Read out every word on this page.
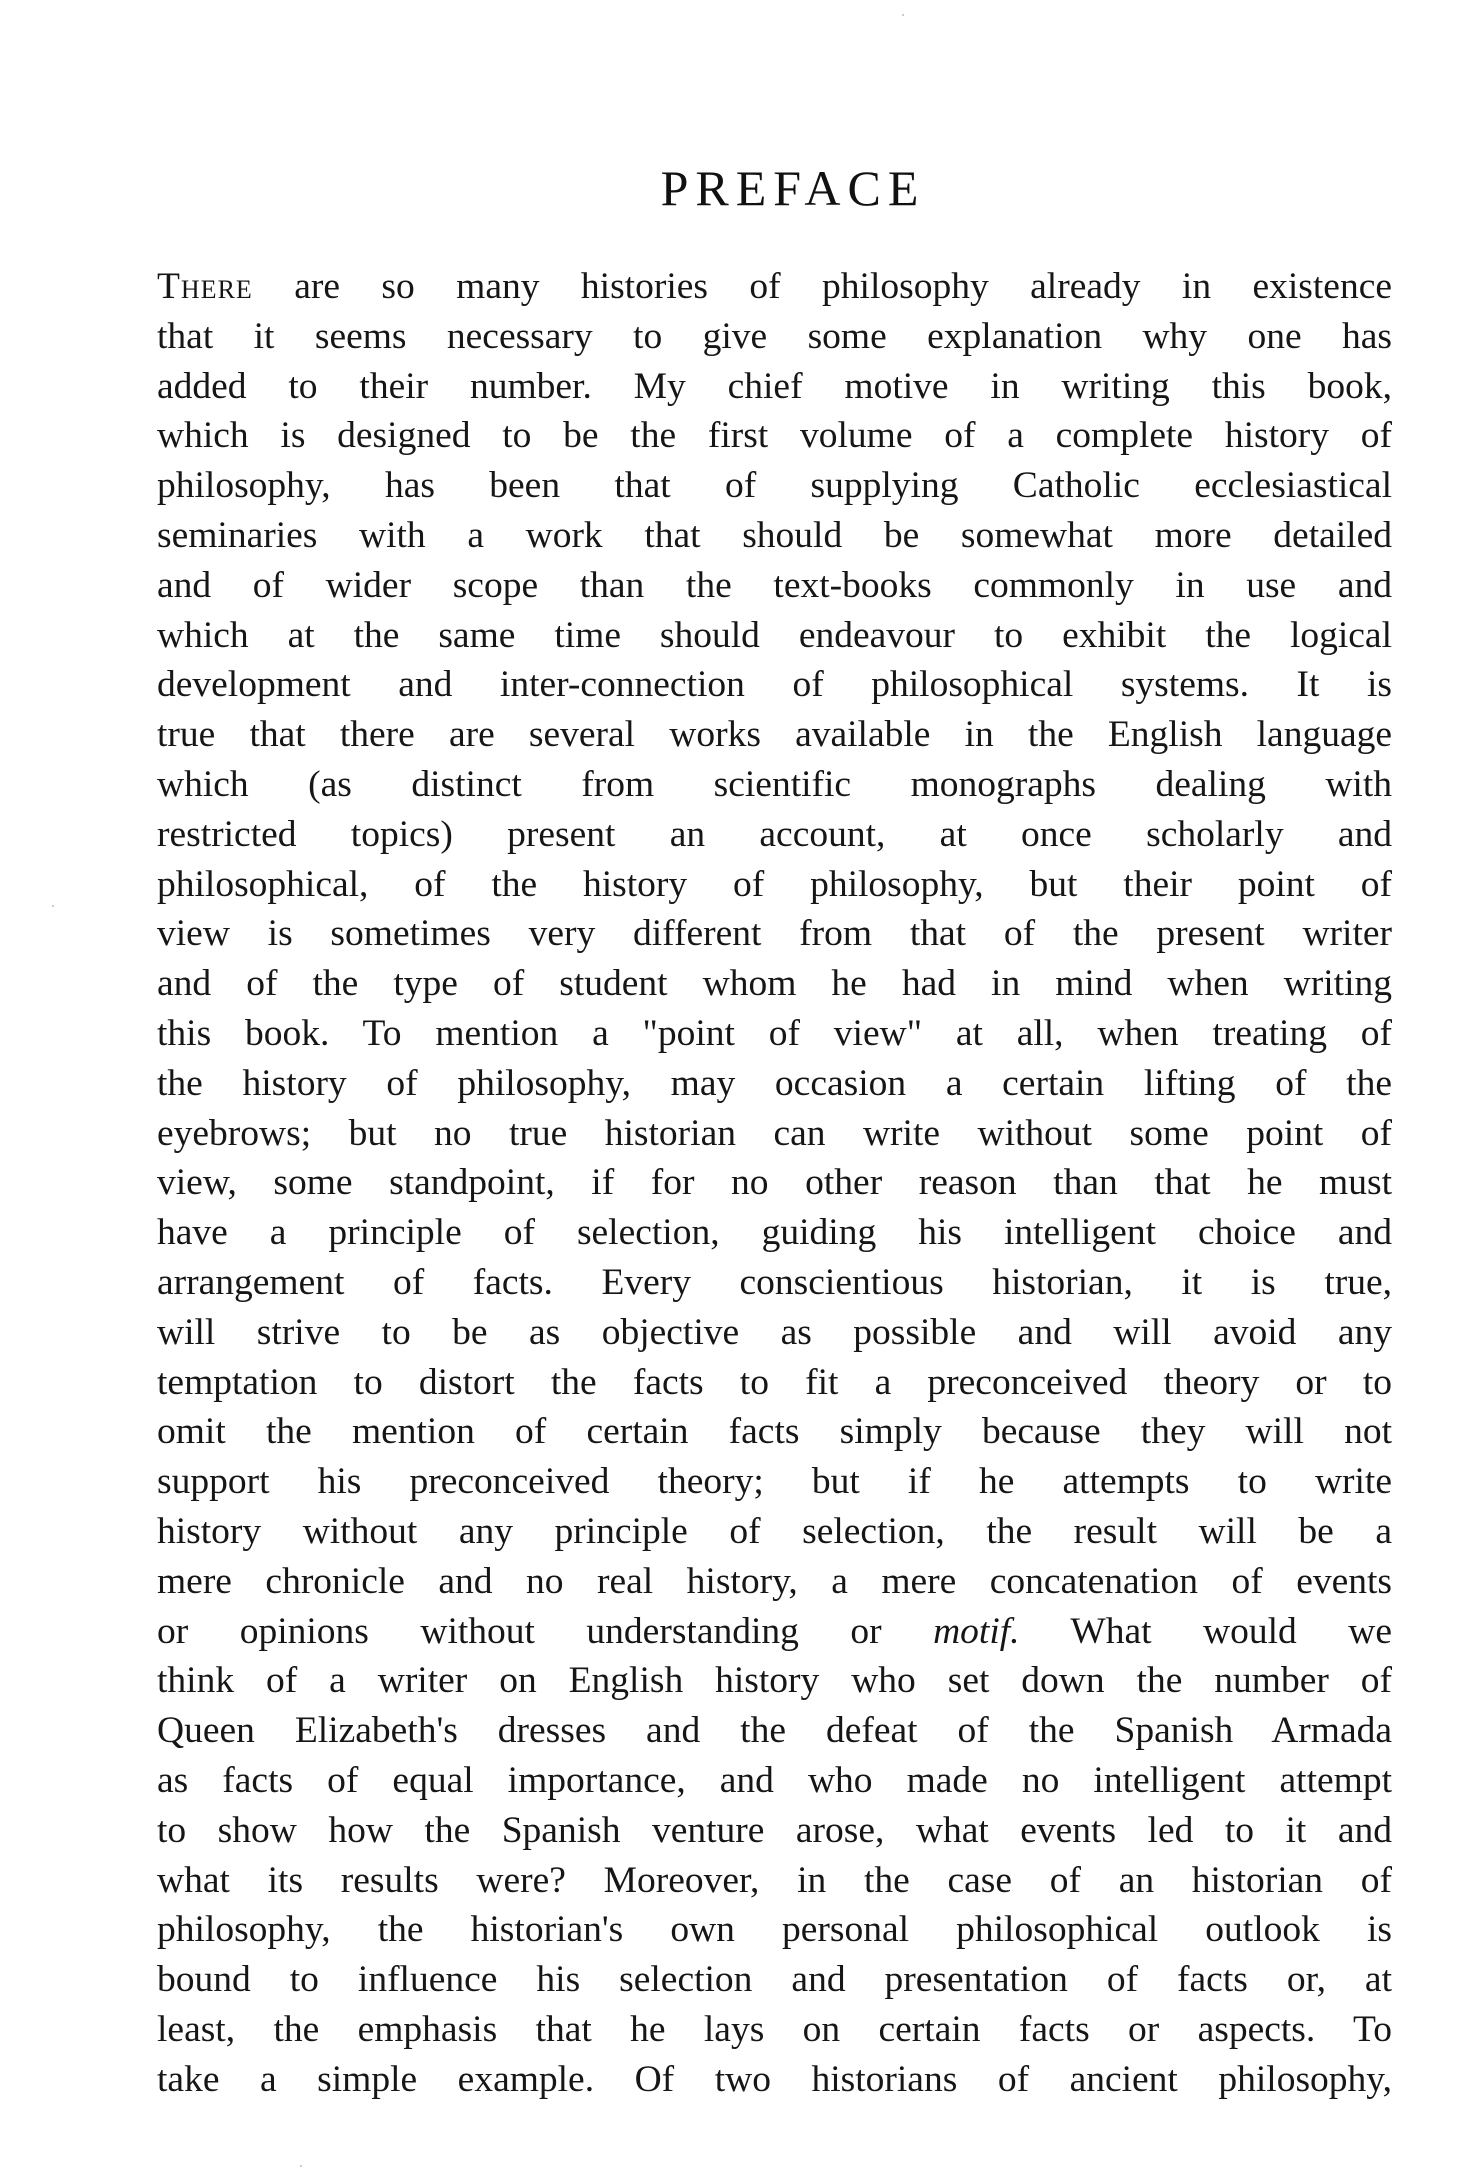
PREFACE
There are so many histories of philosophy already in existence
that it seems necessary to give some explanation why one has
added to their number. My chief motive in writing this book,
which is designed to be the first volume of a complete history of
philosophy, has been that of supplying Catholic ecclesiastical
seminaries with a work that should be somewhat more detailed
and of wider scope than the text-books commonly in use and
which at the same time should endeavour to exhibit the logical
development and inter-connection of philosophical systems. It is
true that there are several works available in the English language
which (as distinct from scientific monographs dealing with
restricted topics) present an account, at once scholarly and
philosophical, of the history of philosophy, but their point of
view is sometimes very different from that of the present writer
and of the type of student whom he had in mind when writing
this book. To mention a "point of view" at all, when treating of
the history of philosophy, may occasion a certain lifting of the
eyebrows; but no true historian can write without some point of
view, some standpoint, if for no other reason than that he must
have a principle of selection, guiding his intelligent choice and
arrangement of facts. Every conscientious historian, it is true,
will strive to be as objective as possible and will avoid any
temptation to distort the facts to fit a preconceived theory or to
omit the mention of certain facts simply because they will not
support his preconceived theory; but if he attempts to write
history without any principle of selection, the result will be a
mere chronicle and no real history, a mere concatenation of events
or opinions without understanding or motif. What would we
think of a writer on English history who set down the number of
Queen Elizabeth's dresses and the defeat of the Spanish Armada
as facts of equal importance, and who made no intelligent attempt
to show how the Spanish venture arose, what events led to it and
what its results were? Moreover, in the case of an historian of
philosophy, the historian's own personal philosophical outlook is
bound to influence his selection and presentation of facts or, at
least, the emphasis that he lays on certain facts or aspects. To
take a simple example. Of two historians of ancient philosophy,
